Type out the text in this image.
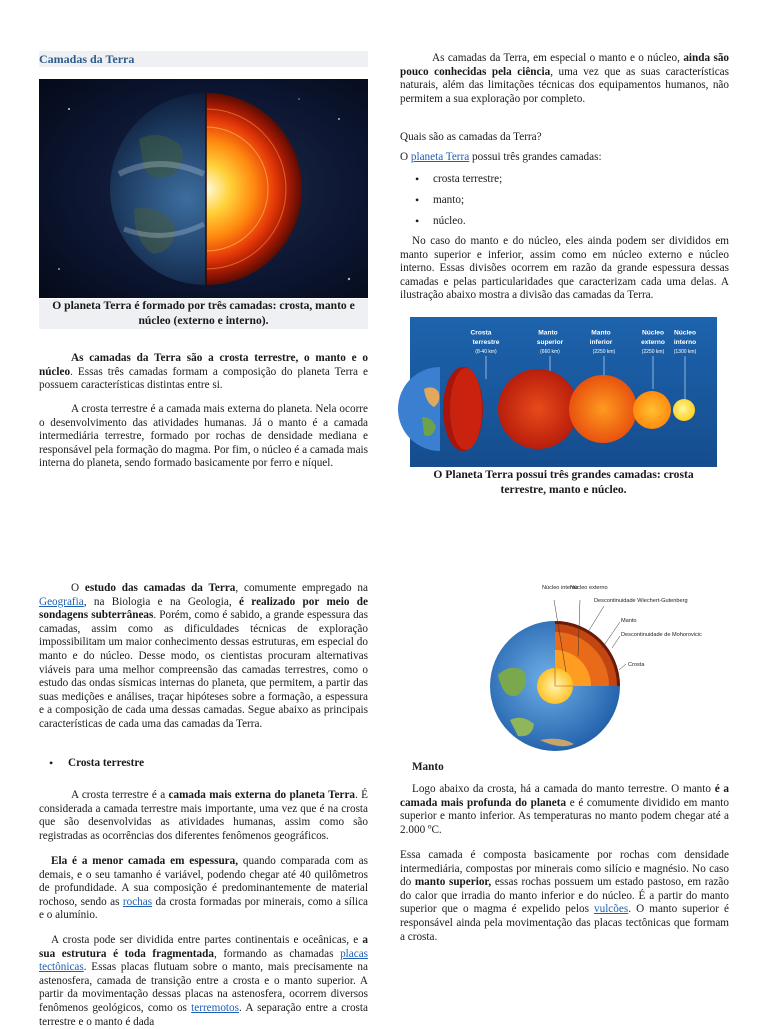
Camadas da Terra
O planeta Terra é formado por três camadas: crosta, manto e núcleo (externo e interno).

As camadas da Terra são a crosta terrestre, o manto e o núcleo. Essas três camadas formam a composição do planeta Terra e possuem características distintas entre si.

A crosta terrestre é a camada mais externa do planeta. Nela ocorre o desenvolvimento das atividades humanas. Já o manto é a camada intermediária terrestre, formado por rochas de densidade mediana e responsável pela formação do magma. Por fim, o núcleo é a camada mais interna do planeta, sendo formado basicamente por ferro e níquel.

O estudo das camadas da Terra, comumente empregado na Geografia, na Biologia e na Geologia, é realizado por meio de sondagens subterrâneas. Porém, como é sabido, a grande espessura das camadas, assim como as dificuldades técnicas de exploração impossibilitam um maior conhecimento dessas estruturas, em especial do manto e do núcleo. Desse modo, os cientistas procuram alternativas viáveis para uma melhor compreensão das camadas terrestres, como o estudo das ondas sísmicas internas do planeta, que permitem, a partir das suas medições e análises, traçar hipóteses sobre a formação, a espessura e a composição de cada uma dessas camadas. Segue abaixo as principais características de cada uma das camadas da Terra.

• Crosta terrestre

A crosta terrestre é a camada mais externa do planeta Terra. É considerada a camada terrestre mais importante, uma vez que é na crosta que são desenvolvidas as atividades humanas, assim como são registradas as ocorrências dos diferentes fenômenos geográficos.

Ela é a menor camada em espessura, quando comparada com as demais, e o seu tamanho é variável, podendo chegar até 40 quilômetros de profundidade. A sua composição é predominantemente de material rochoso, sendo as rochas da crosta formadas por minerais, como a sílica e o alumínio.

A crosta pode ser dividida entre partes continentais e oceânicas, e a sua estrutura é toda fragmentada, formando as chamadas placas tectônicas. Essas placas flutuam sobre o manto, mais precisamente na astenosfera, camada de transição entre a crosta e o manto superior. A partir da movimentação dessas placas na astenosfera, ocorrem diversos fenômenos geológicos, como os terremotos. A separação entre a crosta terrestre e o manto é dada

As camadas da Terra, em especial o manto e o núcleo, ainda são pouco conhecidas pela ciência, uma vez que as suas características naturais, além das limitações técnicas dos equipamentos humanos, não permitem a sua exploração por completo.

Quais são as camadas da Terra?

O planeta Terra possui três grandes camadas:

• crosta terrestre;
• manto;
• núcleo.

No caso do manto e do núcleo, eles ainda podem ser divididos em manto superior e inferior, assim como em núcleo externo e núcleo interno. Essas divisões ocorrem em razão da grande espessura dessas camadas e pelas particularidades que caracterizam cada uma delas. A ilustração abaixo mostra a divisão das camadas da Terra.

Crosta
terrestre
(8-40 km)
Manto
superior
(660 km)
Manto
inferior
(2250 km)
Núcleo
externo
(2250 km)
Núcleo
interno
(1300 km)
O Planeta Terra possui três grandes camadas: crosta terrestre, manto e núcleo.
Núcleo interno
Núcleo externo
Descontinuidade Wiechert-Gutenberg
Manto
Descontinuidade de Mohorovicic
Crosta
Manto

Logo abaixo da crosta, há a camada do manto terrestre. O manto é a camada mais profunda do planeta e é comumente dividido em manto superior e manto inferior. As temperaturas no manto podem chegar até a 2.000 ºC.

Essa camada é composta basicamente por rochas com densidade intermediária, compostas por minerais como silício e magnésio. No caso do manto superior, essas rochas possuem um estado pastoso, em razão do calor que irradia do manto inferior e do núcleo. É a partir do manto superior que o magma é expelido pelos vulcões. O manto superior é responsável ainda pela movimentação das placas tectônicas que formam a crosta.
